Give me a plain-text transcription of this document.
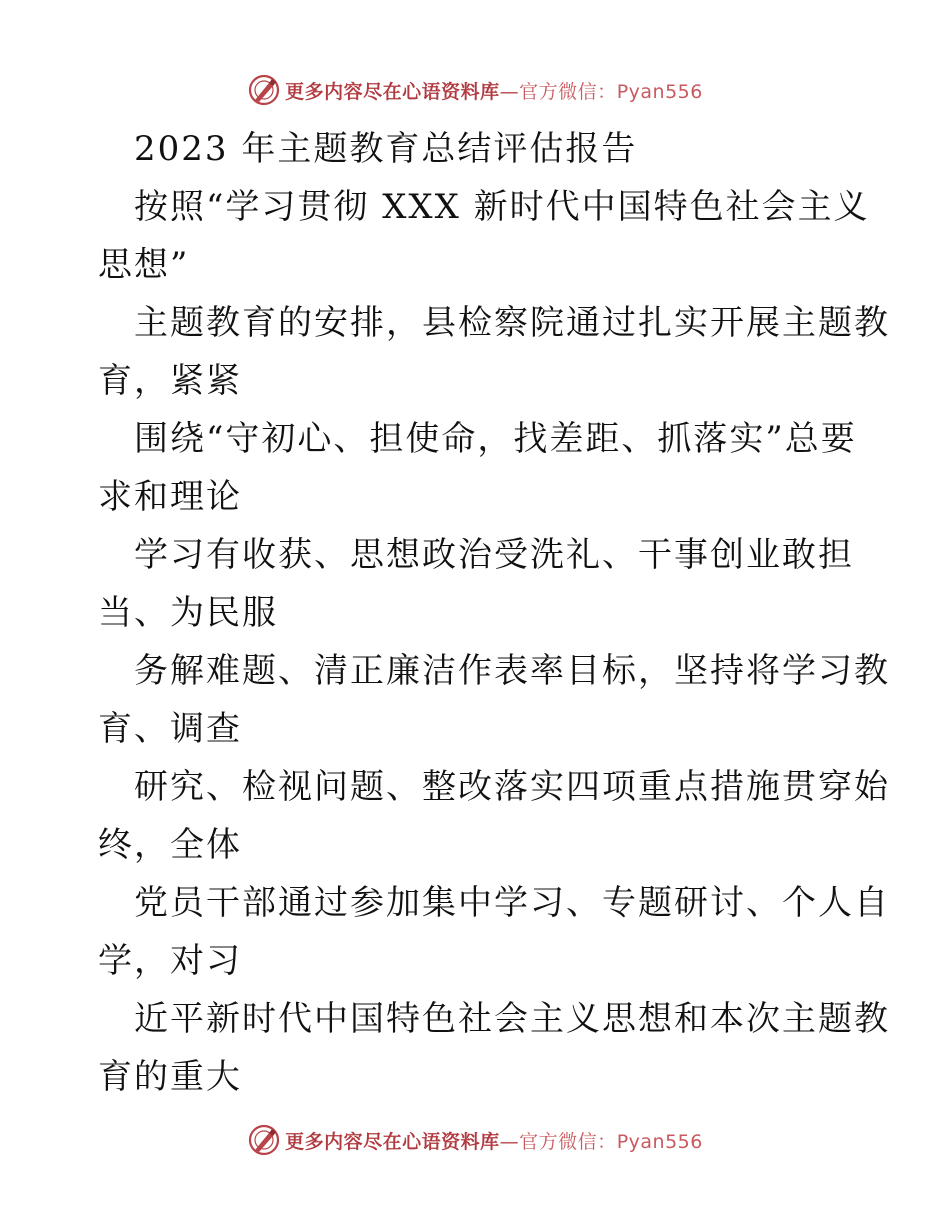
更多内容尽在心语资料库—官方微信：Pyan556
2023 年主题教育总结评估报告
按照“学习贯彻 XXX 新时代中国特色社会主义
思想”
主题教育的安排，县检察院通过扎实开展主题教
育，紧紧
围绕“守初心、担使命，找差距、抓落实”总要
求和理论
学习有收获、思想政治受洗礼、干事创业敢担
当、为民服
务解难题、清正廉洁作表率目标，坚持将学习教
育、调查
研究、检视问题、整改落实四项重点措施贯穿始
终，全体
党员干部通过参加集中学习、专题研讨、个人自
学，对习
近平新时代中国特色社会主义思想和本次主题教
育的重大
更多内容尽在心语资料库—官方微信：Pyan556
